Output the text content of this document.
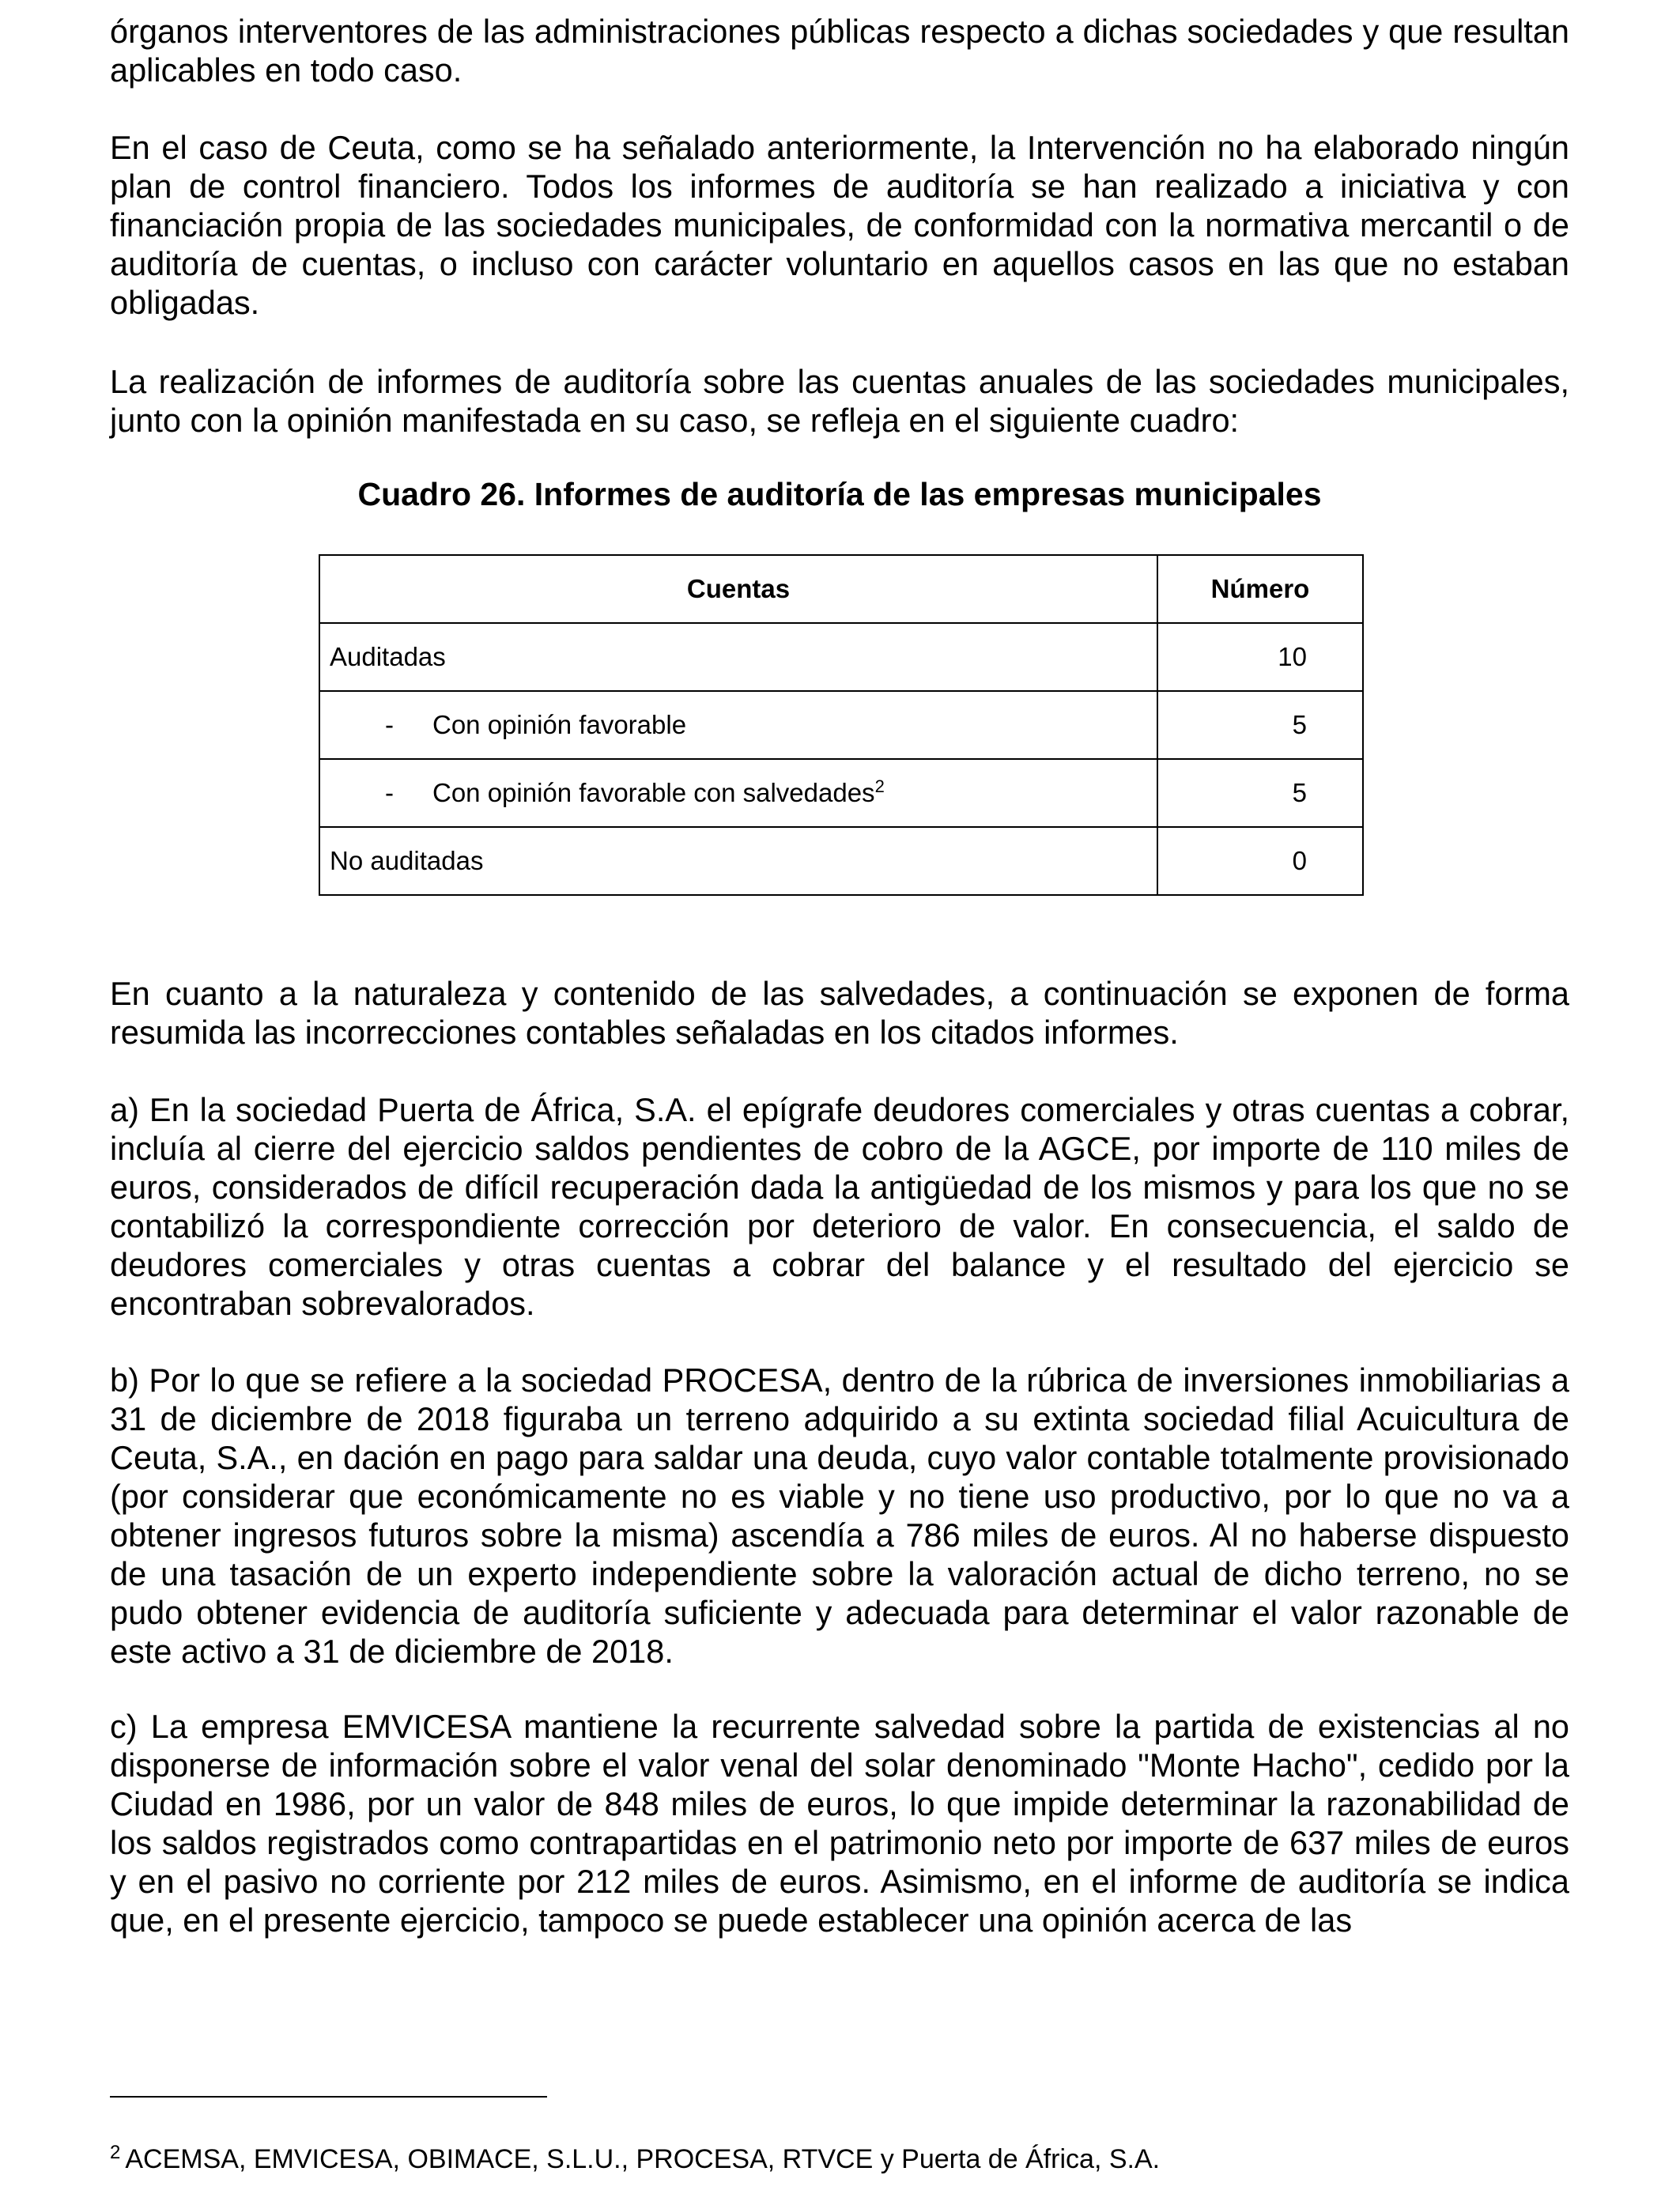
órganos interventores de las administraciones públicas respecto a dichas sociedades y que resultan aplicables en todo caso.

En el caso de Ceuta, como se ha señalado anteriormente, la Intervención no ha elaborado ningún plan de control financiero. Todos los informes de auditoría se han realizado a iniciativa y con financiación propia de las sociedades municipales, de conformidad con la normativa mercantil o de auditoría de cuentas, o incluso con carácter voluntario en aquellos casos en las que no estaban obligadas.

La realización de informes de auditoría sobre las cuentas anuales de las sociedades municipales, junto con la opinión manifestada en su caso, se refleja en el siguiente cuadro:

Cuadro 26. Informes de auditoría de las empresas municipales

Cuentas	Número
Auditadas	10
- Con opinión favorable	5
- Con opinión favorable con salvedades$^2$	5
No auditadas	0

En cuanto a la naturaleza y contenido de las salvedades, a continuación se exponen de forma resumida las incorrecciones contables señaladas en los citados informes.

a) En la sociedad Puerta de África, S.A. el epígrafe deudores comerciales y otras cuentas a cobrar, incluía al cierre del ejercicio saldos pendientes de cobro de la AGCE, por importe de 110 miles de euros, considerados de difícil recuperación dada la antigüedad de los mismos y para los que no se contabilizó la correspondiente corrección por deterioro de valor. En consecuencia, el saldo de deudores comerciales y otras cuentas a cobrar del balance y el resultado del ejercicio se encontraban sobrevalorados.

b) Por lo que se refiere a la sociedad PROCESA, dentro de la rúbrica de inversiones inmobiliarias a 31 de diciembre de 2018 figuraba un terreno adquirido a su extinta sociedad filial Acuicultura de Ceuta, S.A., en dación en pago para saldar una deuda, cuyo valor contable totalmente provisionado (por considerar que económicamente no es viable y no tiene uso productivo, por lo que no va a obtener ingresos futuros sobre la misma) ascendía a 786 miles de euros. Al no haberse dispuesto de una tasación de un experto independiente sobre la valoración actual de dicho terreno, no se pudo obtener evidencia de auditoría suficiente y adecuada para determinar el valor razonable de este activo a 31 de diciembre de 2018.

c) La empresa EMVICESA mantiene la recurrente salvedad sobre la partida de existencias al no disponerse de información sobre el valor venal del solar denominado "Monte Hacho", cedido por la Ciudad en 1986, por un valor de 848 miles de euros, lo que impide determinar la razonabilidad de los saldos registrados como contrapartidas en el patrimonio neto por importe de 637 miles de euros y en el pasivo no corriente por 212 miles de euros. Asimismo, en el informe de auditoría se indica que, en el presente ejercicio, tampoco se puede establecer una opinión acerca de las

$^2$ ACEMSA, EMVICESA, OBIMACE, S.L.U., PROCESA, RTVCE y Puerta de África, S.A.
